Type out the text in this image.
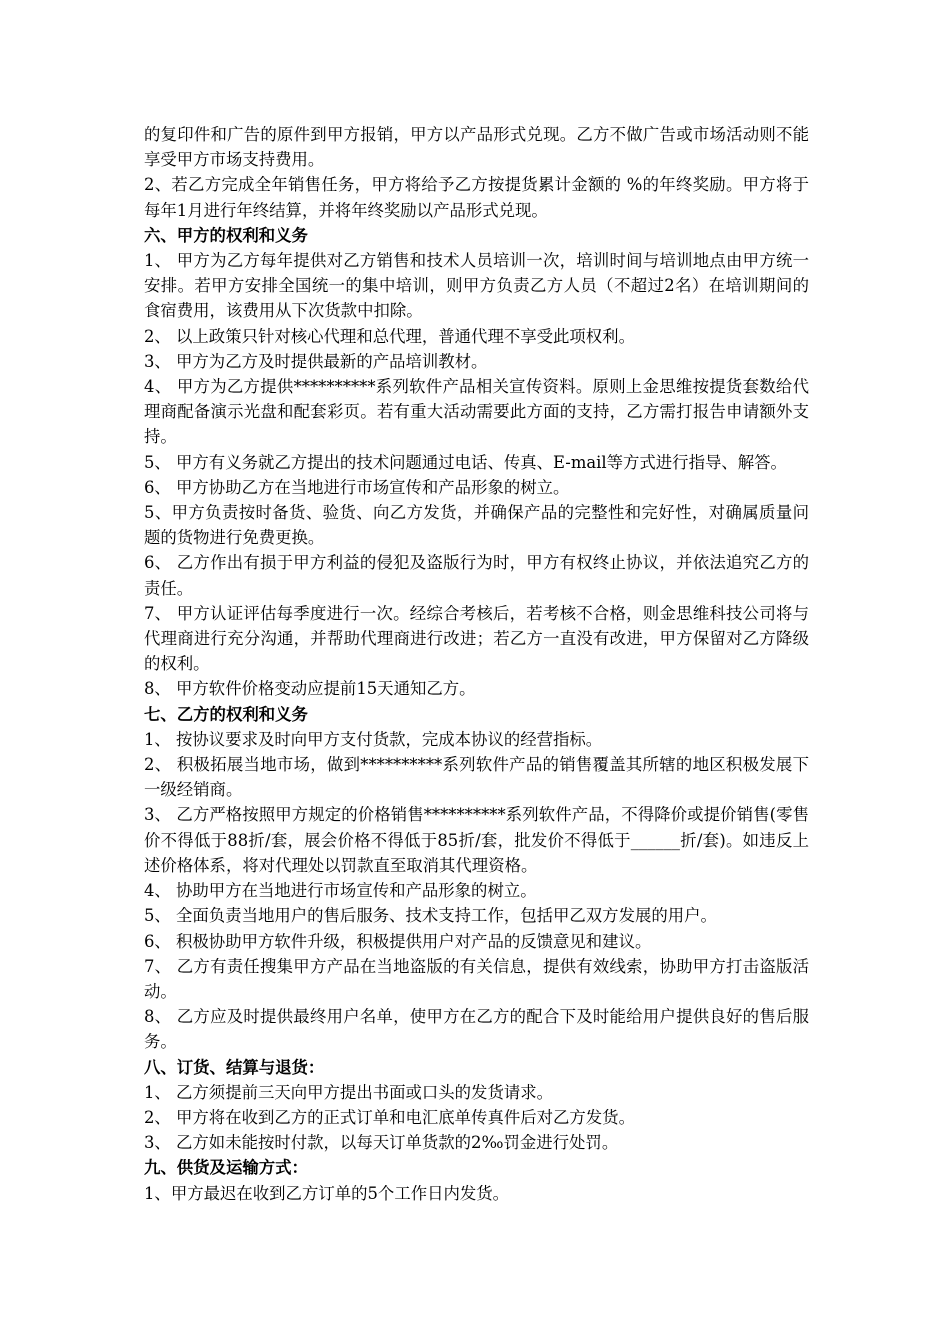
的复印件和广告的原件到甲方报销，甲方以产品形式兑现。乙方不做广告或市场活动则不能享受甲方市场支持费用。

2、若乙方完成全年销售任务，甲方将给予乙方按提货累计金额的 %的年终奖励。甲方将于每年1月进行年终结算，并将年终奖励以产品形式兑现。

六、甲方的权利和义务

1、 甲方为乙方每年提供对乙方销售和技术人员培训一次，培训时间与培训地点由甲方统一安排。若甲方安排全国统一的集中培训，则甲方负责乙方人员（不超过2名）在培训期间的食宿费用，该费用从下次货款中扣除。

2、 以上政策只针对核心代理和总代理，普通代理不享受此项权利。

3、 甲方为乙方及时提供最新的产品培训教材。

4、 甲方为乙方提供**********系列软件产品相关宣传资料。原则上金思维按提货套数给代理商配备演示光盘和配套彩页。若有重大活动需要此方面的支持，乙方需打报告申请额外支持。

5、 甲方有义务就乙方提出的技术问题通过电话、传真、E-mail等方式进行指导、解答。

6、 甲方协助乙方在当地进行市场宣传和产品形象的树立。

5、甲方负责按时备货、验货、向乙方发货，并确保产品的完整性和完好性，对确属质量问题的货物进行免费更换。

6、 乙方作出有损于甲方利益的侵犯及盗版行为时，甲方有权终止协议，并依法追究乙方的责任。

7、 甲方认证评估每季度进行一次。经综合考核后，若考核不合格，则金思维科技公司将与代理商进行充分沟通，并帮助代理商进行改进；若乙方一直没有改进，甲方保留对乙方降级的权利。

8、 甲方软件价格变动应提前15天通知乙方。

七、乙方的权利和义务

1、 按协议要求及时向甲方支付货款，完成本协议的经营指标。

2、 积极拓展当地市场，做到**********系列软件产品的销售覆盖其所辖的地区积极发展下一级经销商。

3、 乙方严格按照甲方规定的价格销售**********系列软件产品，不得降价或提价销售(零售价不得低于88折/套，展会价格不得低于85折/套，批发价不得低于______折/套)。如违反上述价格体系，将对代理处以罚款直至取消其代理资格。

4、 协助甲方在当地进行市场宣传和产品形象的树立。

5、 全面负责当地用户的售后服务、技术支持工作，包括甲乙双方发展的用户。

6、 积极协助甲方软件升级，积极提供用户对产品的反馈意见和建议。

7、 乙方有责任搜集甲方产品在当地盗版的有关信息，提供有效线索，协助甲方打击盗版活动。

8、 乙方应及时提供最终用户名单，使甲方在乙方的配合下及时能给用户提供良好的售后服务。

八、订货、结算与退货：

1、 乙方须提前三天向甲方提出书面或口头的发货请求。

2、 甲方将在收到乙方的正式订单和电汇底单传真件后对乙方发货。

3、 乙方如未能按时付款，以每天订单货款的2‰罚金进行处罚。

九、供货及运输方式：

1、甲方最迟在收到乙方订单的5个工作日内发货。
